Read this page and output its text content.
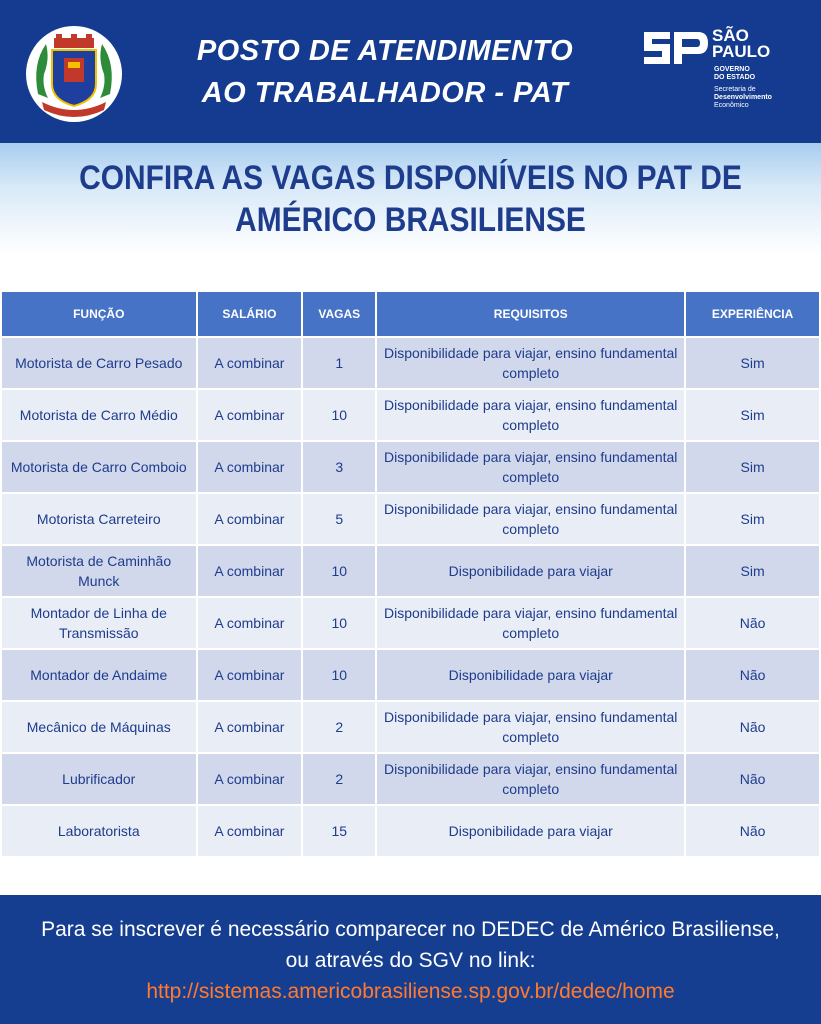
POSTO DE ATENDIMENTO
AO TRABALHADOR - PAT
SÃO
PAULO
GOVERNO
DO ESTADO
Secretaria de
Desenvolvimento
Econômico
CONFIRA AS VAGAS DISPONÍVEIS NO PAT DE
AMÉRICO BRASILIENSE
FUNÇÃO	SALÁRIO	VAGAS	REQUISITOS	EXPERIÊNCIA
Motorista de Carro Pesado	A combinar	1	Disponibilidade para viajar, ensino fundamental completo	Sim
Motorista de Carro Médio	A combinar	10	Disponibilidade para viajar, ensino fundamental completo	Sim
Motorista de Carro Comboio	A combinar	3	Disponibilidade para viajar, ensino fundamental completo	Sim
Motorista Carreteiro	A combinar	5	Disponibilidade para viajar, ensino fundamental completo	Sim
Motorista de Caminhão Munck	A combinar	10	Disponibilidade para viajar	Sim
Montador de Linha de Transmissão	A combinar	10	Disponibilidade para viajar, ensino fundamental completo	Não
Montador de Andaime	A combinar	10	Disponibilidade para viajar	Não
Mecânico de Máquinas	A combinar	2	Disponibilidade para viajar, ensino fundamental completo	Não
Lubrificador	A combinar	2	Disponibilidade para viajar, ensino fundamental completo	Não
Laboratorista	A combinar	15	Disponibilidade para viajar	Não
Para se inscrever é necessário comparecer no DEDEC de Américo Brasiliense,
ou através do SGV no link:
http://sistemas.americobrasiliense.sp.gov.br/dedec/home
